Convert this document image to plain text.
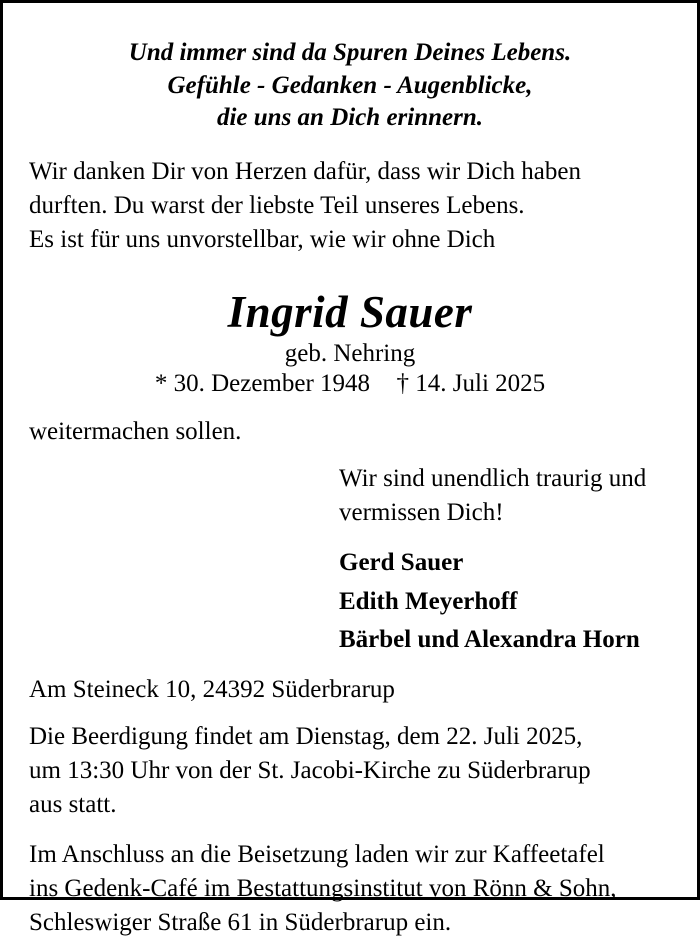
Und immer sind da Spuren Deines Lebens.
Gefühle - Gedanken - Augenblicke,
die uns an Dich erinnern.
Wir danken Dir von Herzen dafür, dass wir Dich haben
durften. Du warst der liebste Teil unseres Lebens.
Es ist für uns unvorstellbar, wie wir ohne Dich
Ingrid Sauer
geb. Nehring
* 30. Dezember 1948 † 14. Juli 2025
weitermachen sollen.
Wir sind unendlich traurig und
vermissen Dich!
Gerd Sauer
Edith Meyerhoff
Bärbel und Alexandra Horn
Am Steineck 10, 24392 Süderbrarup
Die Beerdigung findet am Dienstag, dem 22. Juli 2025,
um 13:30 Uhr von der St. Jacobi-Kirche zu Süderbrarup
aus statt.
Im Anschluss an die Beisetzung laden wir zur Kaffeetafel
ins Gedenk-Café im Bestattungsinstitut von Rönn & Sohn,
Schleswiger Straße 61 in Süderbrarup ein.
